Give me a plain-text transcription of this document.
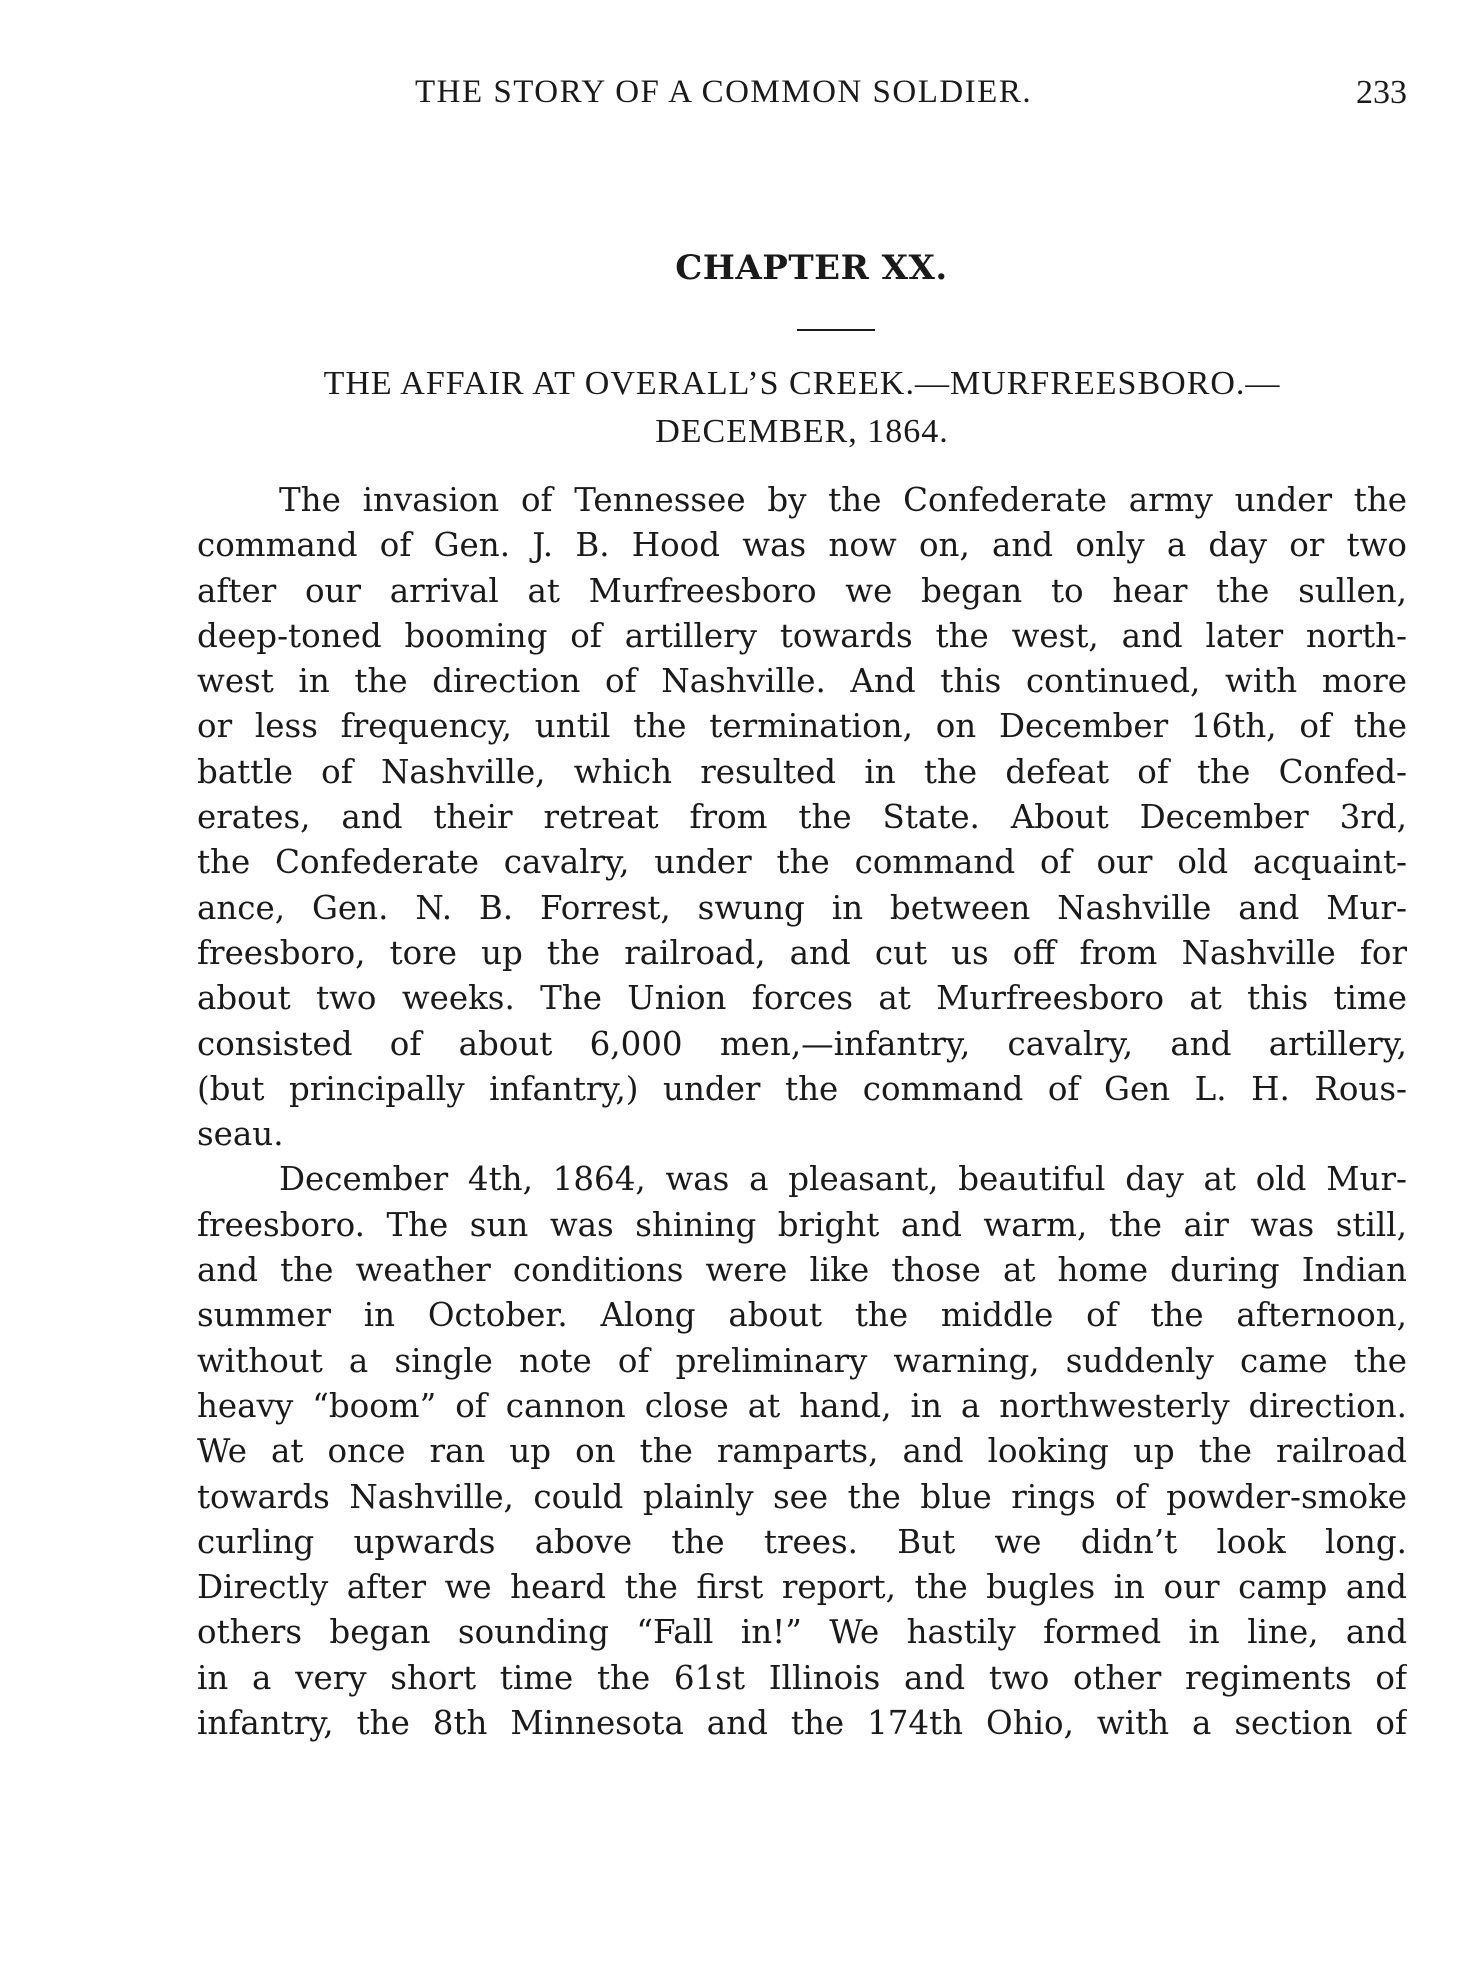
THE STORY OF A COMMON SOLDIER.	233
CHAPTER XX.
THE AFFAIR AT OVERALL’S CREEK.—MURFREESBORO.—
DECEMBER, 1864.

The invasion of Tennessee by the Confederate army under the
command of Gen. J. B. Hood was now on, and only a day or two
after our arrival at Murfreesboro we began to hear the sullen,
deep-toned booming of artillery towards the west, and later north-
west in the direction of Nashville. And this continued, with more
or less frequency, until the termination, on December 16th, of the
battle of Nashville, which resulted in the defeat of the Confed-
erates, and their retreat from the State. About December 3rd,
the Confederate cavalry, under the command of our old acquaint-
ance, Gen. N. B. Forrest, swung in between Nashville and Mur-
freesboro, tore up the railroad, and cut us off from Nashville for
about two weeks. The Union forces at Murfreesboro at this time
consisted of about 6,000 men,—infantry, cavalry, and artillery,
(but principally infantry,) under the command of Gen L. H. Rous-
seau.

December 4th, 1864, was a pleasant, beautiful day at old Mur-
freesboro. The sun was shining bright and warm, the air was still,
and the weather conditions were like those at home during Indian
summer in October. Along about the middle of the afternoon,
without a single note of preliminary warning, suddenly came the
heavy “boom” of cannon close at hand, in a northwesterly direction.
We at once ran up on the ramparts, and looking up the railroad
towards Nashville, could plainly see the blue rings of powder-smoke
curling upwards above the trees. But we didn’t look long.
Directly after we heard the first report, the bugles in our camp and
others began sounding “Fall in!” We hastily formed in line, and
in a very short time the 61st Illinois and two other regiments of
infantry, the 8th Minnesota and the 174th Ohio, with a section of
